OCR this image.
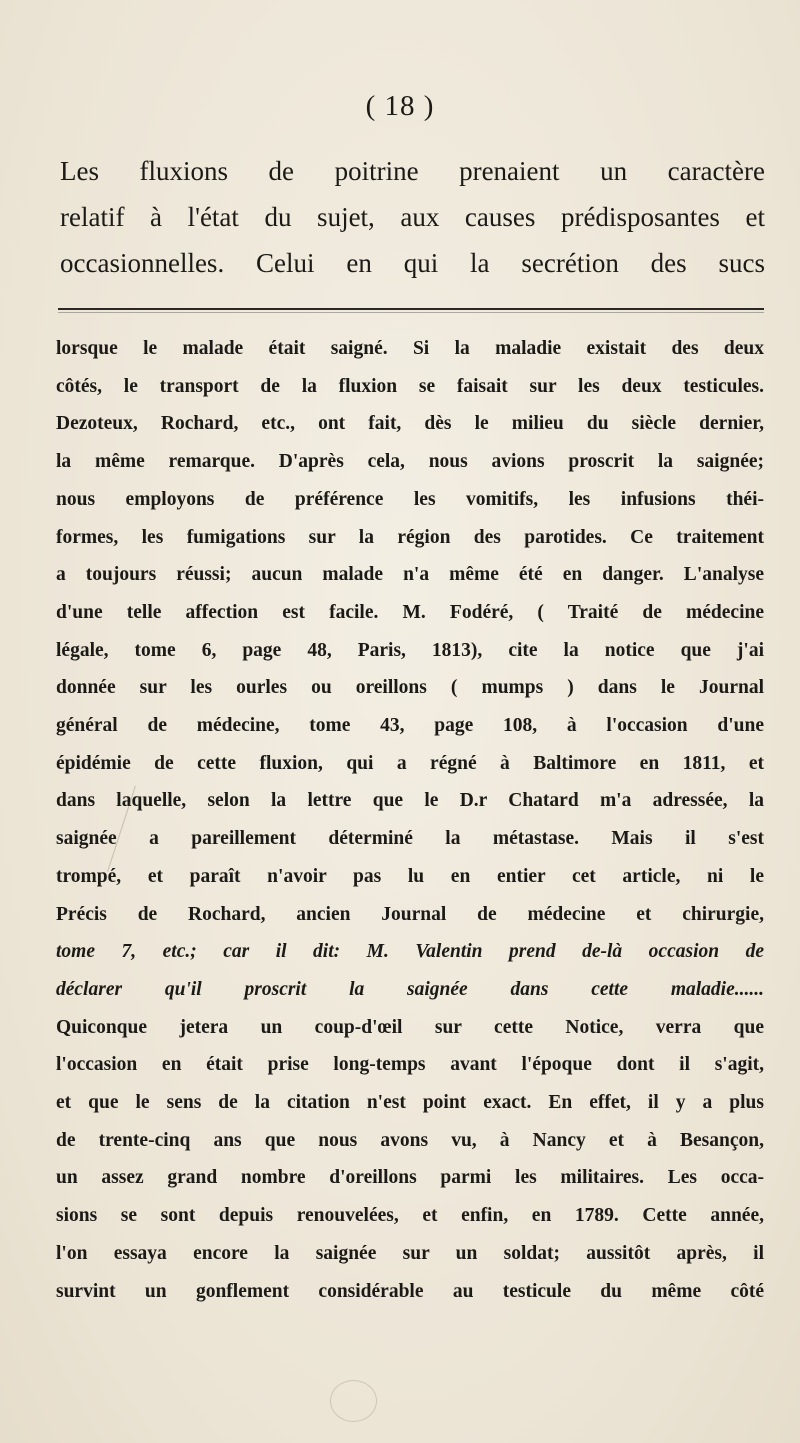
( 18 )
Les fluxions de poitrine prenaient un caractère
relatif à l'état du sujet, aux causes prédisposantes et
occasionnelles. Celui en qui la secrétion des sucs
lorsque le malade était saigné. Si la maladie existait des deux
côtés, le transport de la fluxion se faisait sur les deux testicules.
Dezoteux, Rochard, etc., ont fait, dès le milieu du siècle dernier,
la même remarque. D'après cela, nous avions proscrit la saignée;
nous employons de préférence les vomitifs, les infusions théi-
formes, les fumigations sur la région des parotides. Ce traitement
a toujours réussi; aucun malade n'a même été en danger. L'analyse
d'une telle affection est facile. M. Fodéré, ( Traité de médecine
légale, tome 6, page 48, Paris, 1813), cite la notice que j'ai
donnée sur les ourles ou oreillons ( mumps ) dans le Journal
général de médecine, tome 43, page 108, à l'occasion d'une
épidémie de cette fluxion, qui a régné à Baltimore en 1811, et
dans laquelle, selon la lettre que le D.r Chatard m'a adressée, la
saignée a pareillement déterminé la métastase. Mais il s'est
trompé, et paraît n'avoir pas lu en entier cet article, ni le
Précis de Rochard, ancien Journal de médecine et chirurgie,
tome 7, etc.; car il dit: M. Valentin prend de-là occasion de
déclarer qu'il proscrit la saignée dans cette maladie......
Quiconque jetera un coup-d'œil sur cette Notice, verra que
l'occasion en était prise long-temps avant l'époque dont il s'agit,
et que le sens de la citation n'est point exact. En effet, il y a plus
de trente-cinq ans que nous avons vu, à Nancy et à Besançon,
un assez grand nombre d'oreillons parmi les militaires. Les occa-
sions se sont depuis renouvelées, et enfin, en 1789. Cette année,
l'on essaya encore la saignée sur un soldat; aussitôt après, il
survint un gonflement considérable au testicule du même côté
